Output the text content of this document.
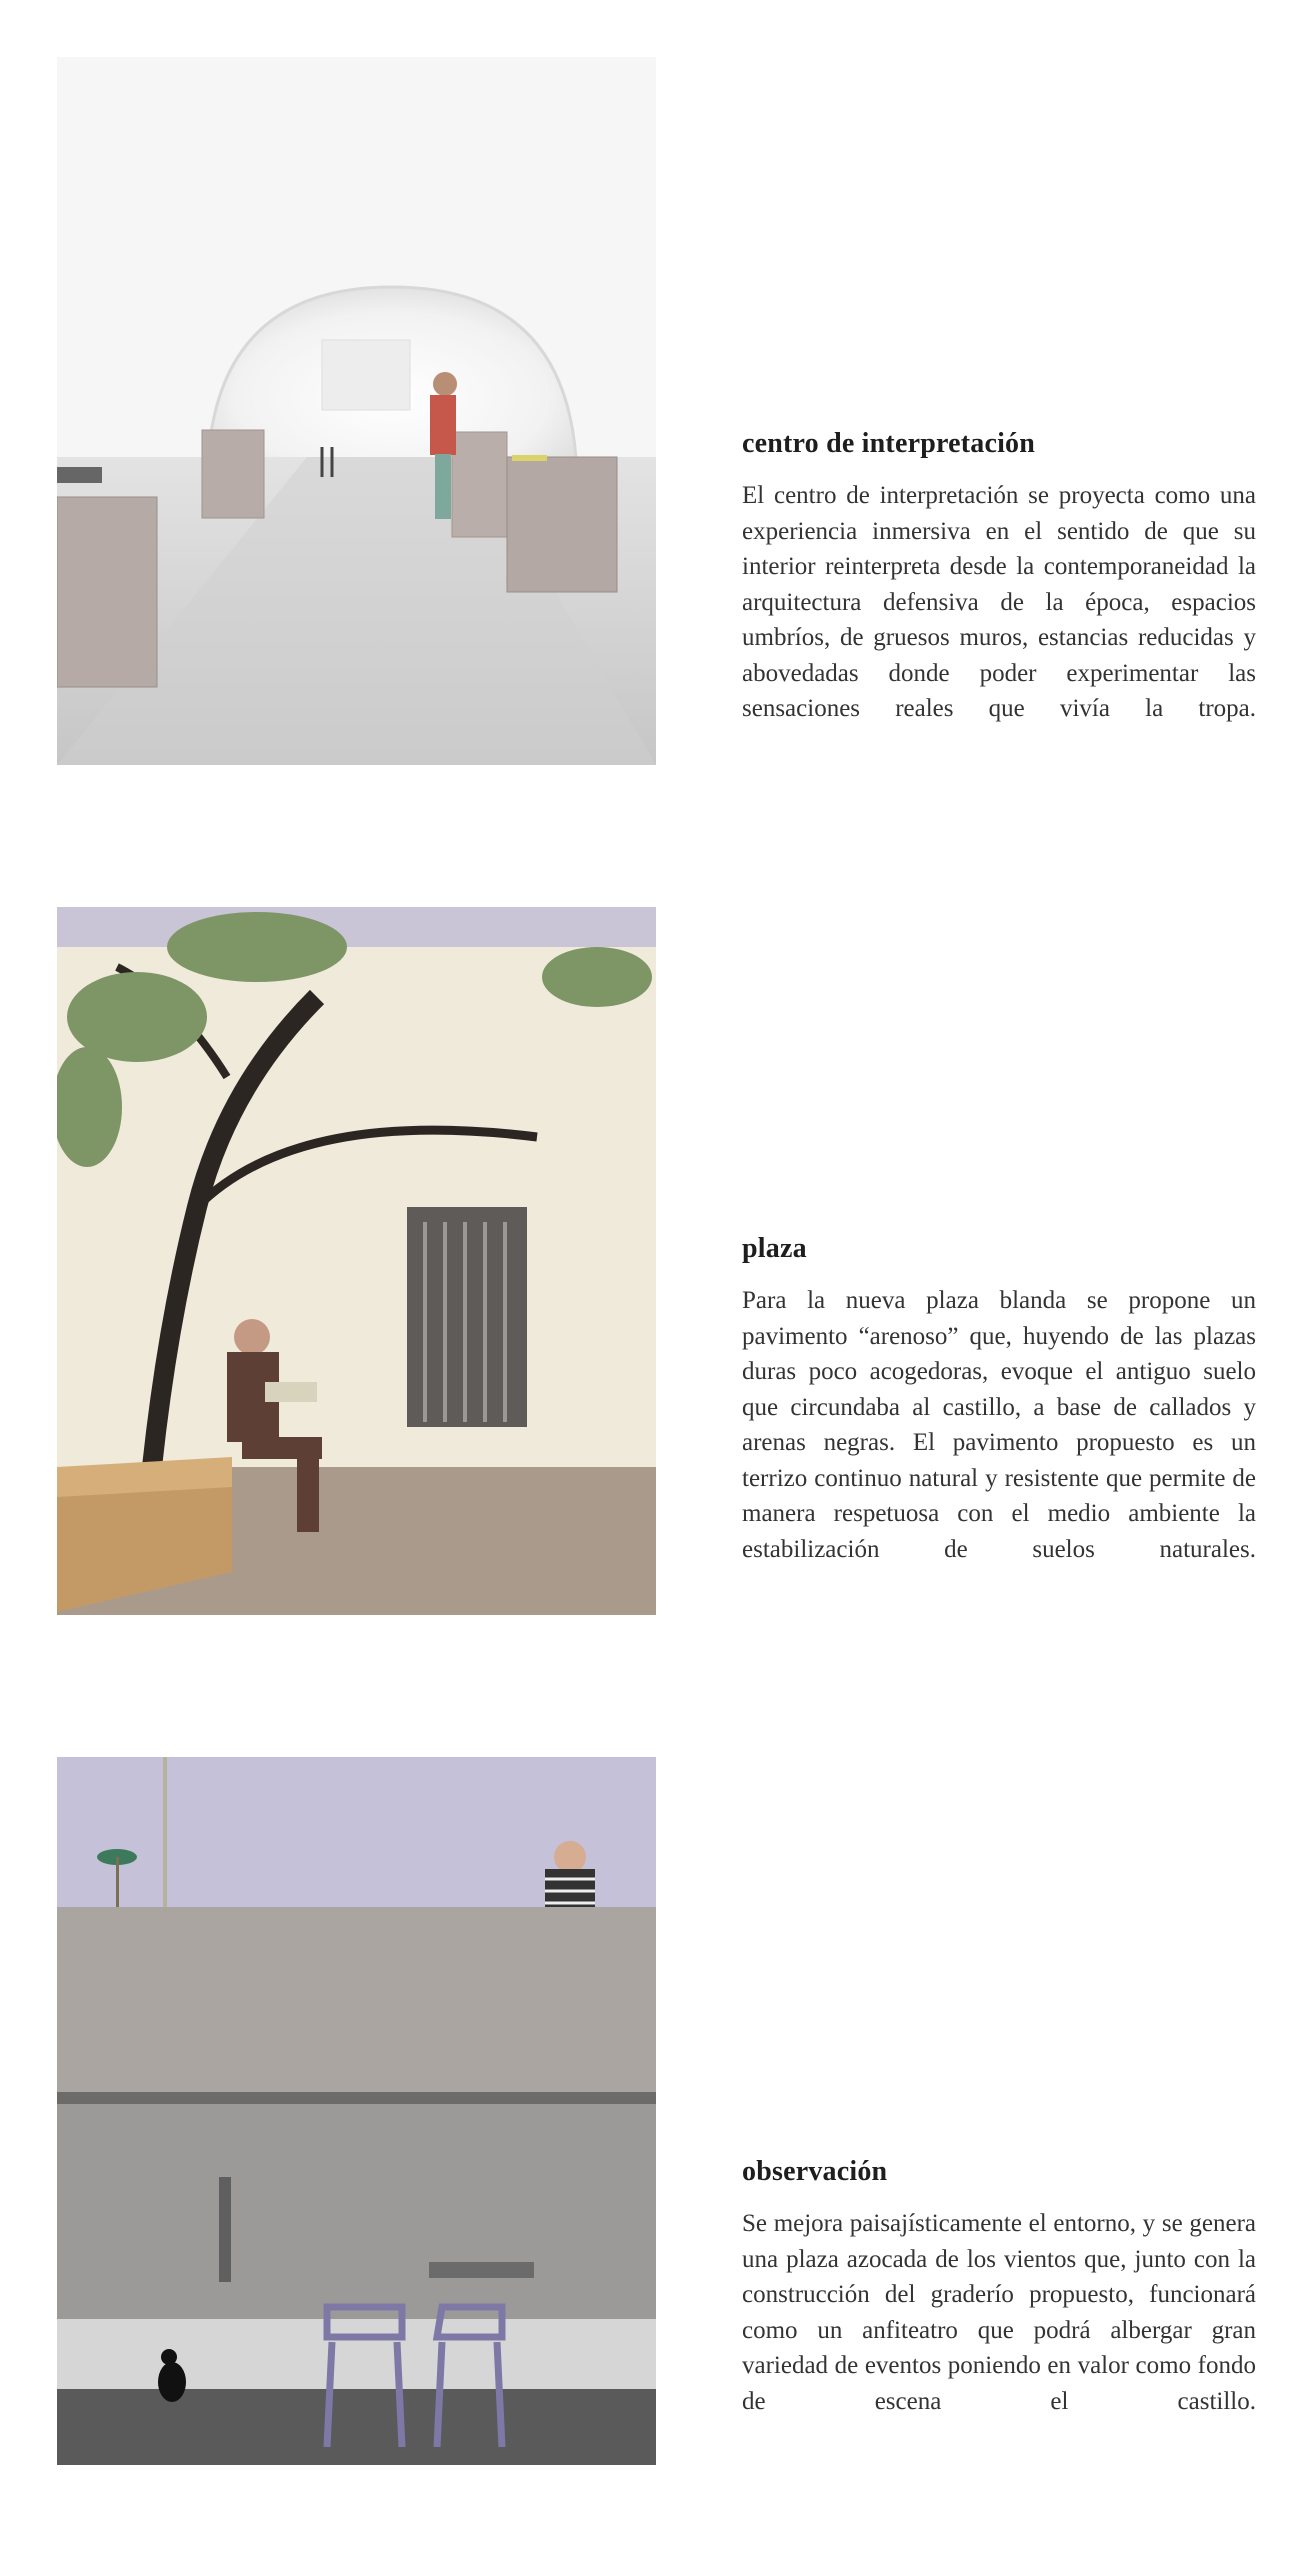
centro de interpretación

El centro de interpretación se proyecta como una experiencia inmersiva en el sentido de que su interior reinterpreta desde la contemporaneidad la arquitectura defensiva de la época, espacios umbríos, de gruesos muros, estancias reducidas y abovedadas donde poder experimentar las sensaciones reales que vivía la tropa.

plaza

Para la nueva plaza blanda se propone un pavimento “arenoso” que, huyendo de las plazas duras poco acogedoras, evoque el antiguo suelo que circundaba al castillo, a base de callados y arenas negras. El pavimento propuesto es un terrizo continuo natural y resistente que permite de manera respetuosa con el medio ambiente la estabilización de suelos naturales.

observación

Se mejora paisajísticamente el entorno, y se genera una plaza azocada de los vientos que, junto con la construcción del graderío propuesto, funcionará como un anfiteatro que podrá albergar gran variedad de eventos poniendo en valor como fondo de escena el castillo.
